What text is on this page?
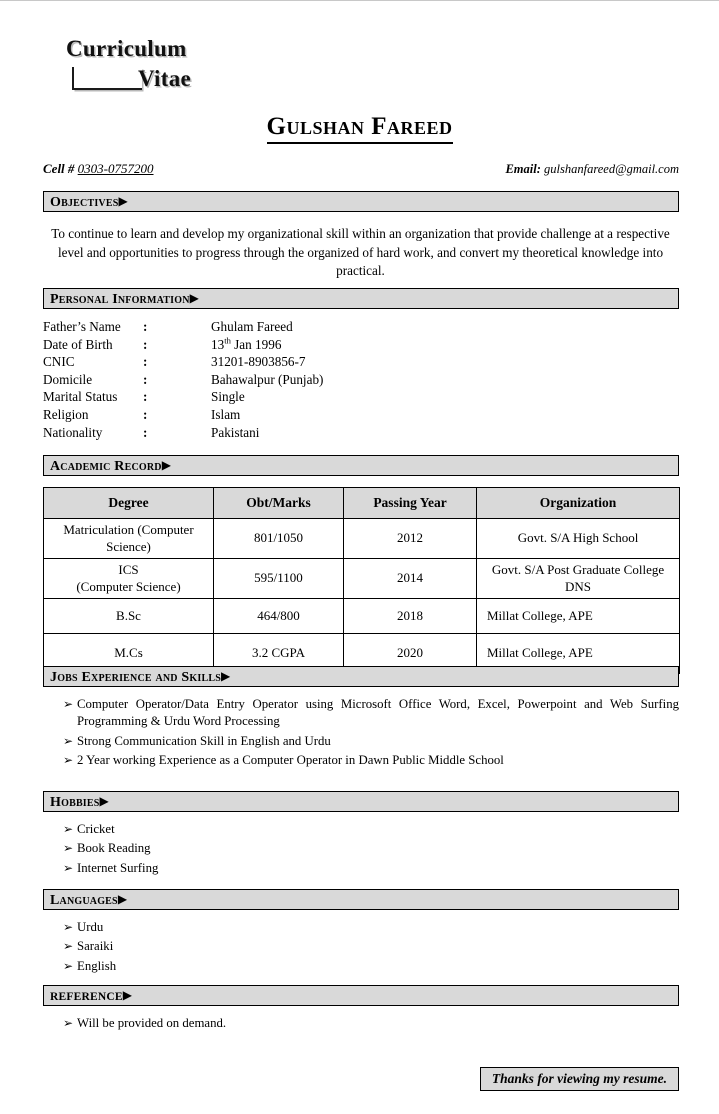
Curriculum
Vitae
Gulshan Fareed
Cell # 0303-0757200	Email: gulshanfareed@gmail.com
Objectives▶
To continue to learn and develop my organizational skill within an organization that provide challenge at a respective level and opportunities to progress through the organized of hard work, and convert my theoretical knowledge into practical.
Personal Information▶
Father’s Name	:	Ghulam Fareed
Date of Birth	:	13th Jan 1996
CNIC	:	31201-8903856-7
Domicile	:	Bahawalpur (Punjab)
Marital Status	:	Single
Religion	:	Islam
Nationality	:	Pakistani
Academic Record▶
Degree	Obt/Marks	Passing Year	Organization
Matriculation (Computer Science)	801/1050	2012	Govt. S/A High School
ICS
(Computer Science)	595/1100	2014	Govt. S/A Post Graduate College DNS
B.Sc	464/800	2018	Millat College, APE
M.Cs	3.2 CGPA	2020	Millat College, APE
Jobs Experience and Skills▶
➢ Computer Operator/Data Entry Operator using Microsoft Office Word, Excel, Powerpoint and Web Surfing Programming & Urdu Word Processing
➢ Strong Communication Skill in English and Urdu
➢ 2 Year working Experience as a Computer Operator in Dawn Public Middle School
Hobbies▶
➢ Cricket
➢ Book Reading
➢ Internet Surfing
Languages▶
➢ Urdu
➢ Saraiki
➢ English
REFERENCE▶
➢ Will be provided on demand.
Thanks for viewing my resume.
